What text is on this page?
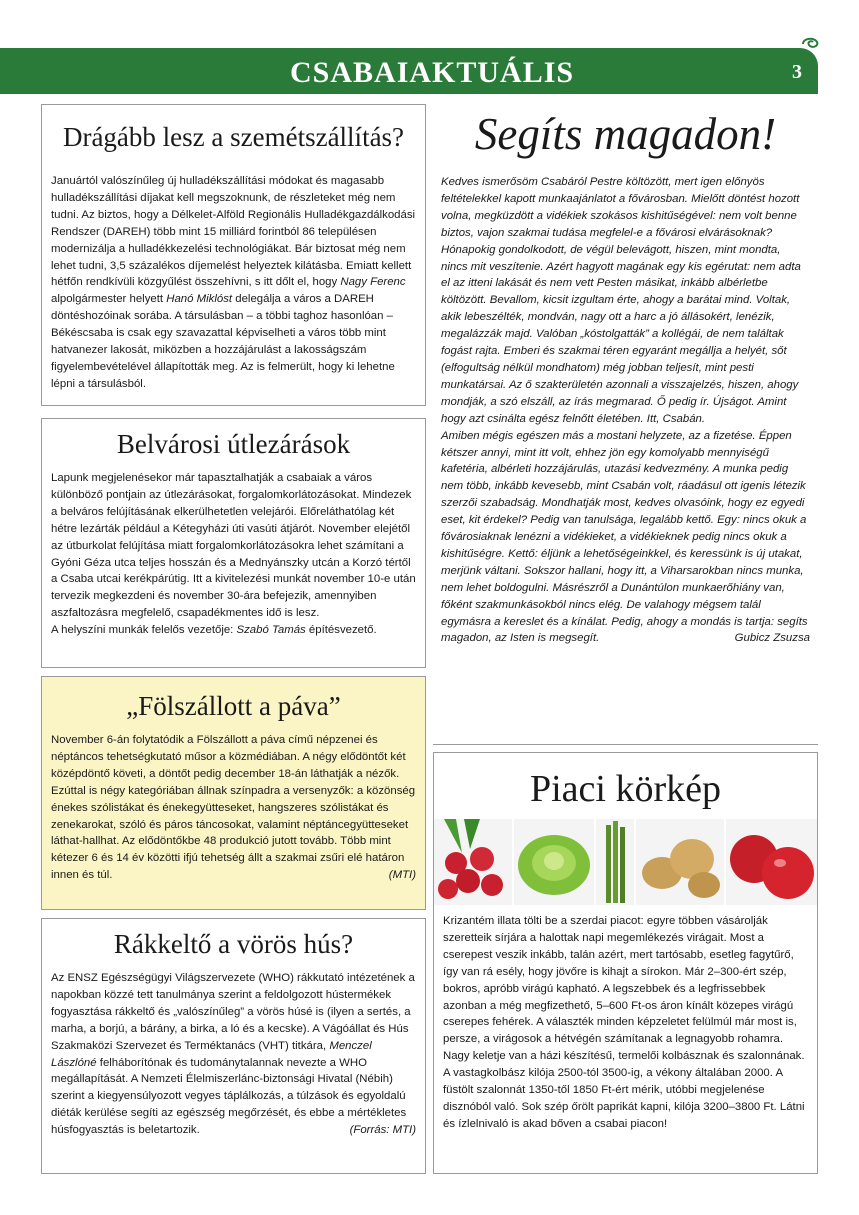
CSABAIAKTUÁLIS	3
Drágább lesz a szemétszállítás?

Januártól valószínűleg új hulladékszállítási módokat és magasabb hulladékszállítási díjakat kell megszoknunk, de részleteket még nem tudni. Az biztos, hogy a Délkelet-Alföld Regionális Hulladékgazdálkodási Rendszer (DAREH) több mint 15 milliárd forintból 86 településen modernizálja a hulladékkezelési technológiákat. Bár biztosat még nem lehet tudni, 3,5 százalékos díjemelést helyeztek kilátásba. Emiatt kellett hétfőn rendkívüli közgyűlést összehívni, s itt dőlt el, hogy Nagy Ferenc alpolgármester helyett Hanó Miklóst delegálja a város a DAREH döntéshozóinak sorába. A társulásban – a többi taghoz hasonlóan – Békéscsaba is csak egy szavazattal képviselheti a város több mint hatvanezer lakosát, miközben a hozzájárulást a lakosságszám figyelembevételével állapították meg. Az is felmerült, hogy ki lehetne lépni a társulásból.

Belvárosi útlezárások

Lapunk megjelenésekor már tapasztalhatják a csabaiak a város különböző pontjain az útlezárásokat, forgalomkorlátozásokat. Mindezek a belváros felújításának elkerülhetetlen velejárói. Előreláthatólag két hétre lezárták például a Kétegyházi úti vasúti átjárót. November elejétől az útburkolat felújítása miatt forgalomkorlátozásokra lehet számítani a Gyóni Géza utca teljes hosszán és a Mednyánszky utcán a Korzó tértől a Csaba utcai kerékpárútig. Itt a kivitelezési munkát november 10-e után tervezik megkezdeni és november 30-ára befejezik, amennyiben aszfaltozásra megfelelő, csapadékmentes idő is lesz.

A helyszíni munkák felelős vezetője: Szabó Tamás építésvezető.

„Fölszállott a páva”

November 6-án folytatódik a Fölszállott a páva című népzenei és néptáncos tehetségkutató műsor a közmédiában. A négy elődöntőt két középdöntő követi, a döntőt pedig december 18-án láthatják a nézők. Ezúttal is négy kategóriában állnak színpadra a versenyzők: a közönség énekes szólistákat és énekegyütteseket, hangszeres szólistákat és zenekarokat, szóló és páros táncosokat, valamint néptáncegyütteseket láthat-hallhat. Az elődöntőkbe 48 produkció jutott tovább. Több mint kétezer 6 és 14 év közötti ifjú tehetség állt a szakmai zsűri elé határon innen és túl.	(MTI)

Rákkeltő a vörös hús?

Az ENSZ Egészségügyi Világszervezete (WHO) rákkutató intézetének a napokban közzé tett tanulmánya szerint a feldolgozott hústermékek fogyasztása rákkeltő és „valószínűleg” a vörös húsé is (ilyen a sertés, a marha, a borjú, a bárány, a birka, a ló és a kecske). A Vágóállat és Hús Szakmaközi Szervezet és Terméktanács (VHT) titkára, Menczel Lászlóné felháborítónak és tudománytalannak nevezte a WHO megállapítását. A Nemzeti Élelmiszerlánc-biztonsági Hivatal (Nébih) szerint a kiegyensúlyozott vegyes táplálkozás, a túlzások és egyoldalú diéták kerülése segíti az egészség megőrzését, és ebbe a mértékletes húsfogyasztás is beletartozik.	(Forrás: MTI)

Segíts magadon!

Kedves ismerősöm Csabáról Pestre költözött, mert igen előnyös feltételekkel kapott munkaajánlatot a fővárosban. Mielőtt döntést hozott volna, megküzdött a vidékiek szokásos kishitűségével: nem volt benne biztos, vajon szakmai tudása megfelel-e a fővárosi elvárásoknak? Hónapokig gondolkodott, de végül belevágott, hiszen, mint mondta, nincs mit veszítenie. Azért hagyott magának egy kis egérutat: nem adta el az itteni lakását és nem vett Pesten másikat, inkább albérletbe költözött. Bevallom, kicsit izgultam érte, ahogy a barátai mind. Voltak, akik lebeszélték, mondván, nagy ott a harc a jó állásokért, lenézik, megalázzák majd. Valóban „kóstolgatták” a kollégái, de nem találtak fogást rajta. Emberi és szakmai téren egyaránt megállja a helyét, sőt (elfogultság nélkül mondhatom) még jobban teljesít, mint pesti munkatársai. Az ő szakterületén azonnali a visszajelzés, hiszen, ahogy mondják, a szó elszáll, az írás megmarad. Ő pedig ír. Újságot. Amint hogy azt csinálta egész felnőtt életében. Itt, Csabán.

Amiben mégis egészen más a mostani helyzete, az a fizetése. Éppen kétszer annyi, mint itt volt, ehhez jön egy komolyabb mennyiségű kafetéria, albérleti hozzájárulás, utazási kedvezmény. A munka pedig nem több, inkább kevesebb, mint Csabán volt, ráadásul ott igenis létezik szerzői szabadság. Mondhatják most, kedves olvasóink, hogy ez egyedi eset, kit érdekel? Pedig van tanulsága, legalább kettő. Egy: nincs okuk a fővárosiaknak lenézni a vidékieket, a vidékieknek pedig nincs okuk a kishitűségre. Kettő: éljünk a lehetőségeinkkel, és keressünk is új utakat, merjünk váltani. Sokszor hallani, hogy itt, a Viharsarokban nincs munka, nem lehet boldogulni. Másrészről a Dunántúlon munkaerőhiány van, főként szakmunkásokból nincs elég. De valahogy mégsem talál egymásra a kereslet és a kínálat. Pedig, ahogy a mondás is tartja: segíts magadon, az Isten is megsegít.	Gubicz Zsuzsa

Piaci körkép

Krizantém illata tölti be a szerdai piacot: egyre többen vásárolják szeretteik sírjára a halottak napi megemlékezés virágait. Most a cserepest veszik inkább, talán azért, mert tartósabb, esetleg fagytűrő, így van rá esély, hogy jövőre is kihajt a sírokon. Már 2–300-ért szép, bokros, apróbb virágú kapható. A legszebbek és a legfrissebbek azonban a még megfizethető, 5–600 Ft-os áron kínált közepes virágú cserepes fehérek. A választék minden képzeletet felülmúl már most is, persze, a virágosok a hétvégén számítanak a legnagyobb rohamra.

Nagy keletje van a házi készítésű, termelői kolbásznak és szalonnának. A vastagkolbász kilója 2500-tól 3500-ig, a vékony általában 2000. A füstölt szalonnát 1350-től 1850 Ft-ért mérik, utóbbi megjelenése disznóból való. Sok szép őrölt paprikát kapni, kilója 3200–3800 Ft. Látni és ízlelnivaló is akad bőven a csabai piacon!
